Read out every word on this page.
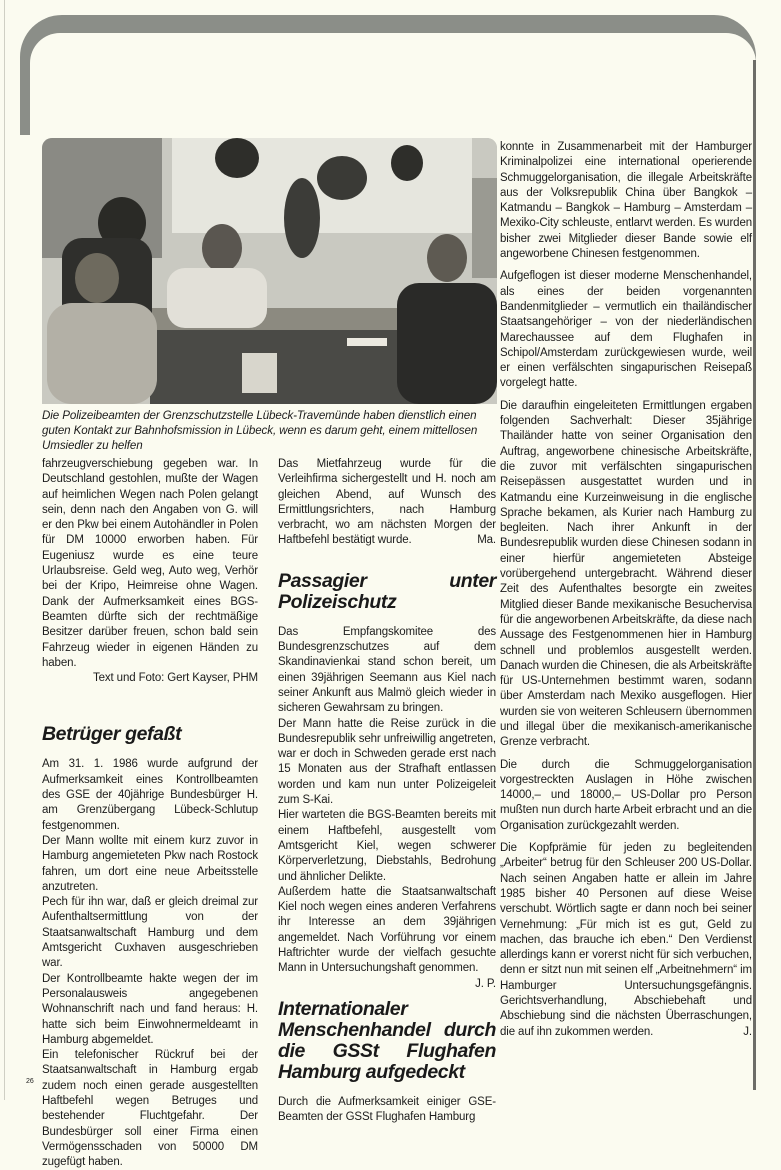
Die Polizeibeamten der Grenzschutzstelle Lübeck-Travemünde haben dienstlich einen guten Kontakt zur Bahnhofsmission in Lübeck, wenn es darum geht, einem mittellosen Umsiedler zu helfen

fahrzeugverschiebung gegeben war. In Deutschland gestohlen, mußte der Wagen auf heimlichen Wegen nach Polen gelangt sein, denn nach den Angaben von G. will er den Pkw bei einem Autohändler in Polen für DM 10000 erworben haben. Für Eugeniusz wurde es eine teure Urlaubsreise. Geld weg, Auto weg, Verhör bei der Kripo, Heimreise ohne Wagen. Dank der Aufmerksamkeit eines BGS-Beamten dürfte sich der rechtmäßige Besitzer darüber freuen, schon bald sein Fahrzeug wieder in eigenen Händen zu haben.

Text und Foto: Gert Kayser, PHM

Betrüger gefaßt

Am 31. 1. 1986 wurde aufgrund der Aufmerksamkeit eines Kontrollbeamten des GSE der 40jährige Bundesbürger H. am Grenzübergang Lübeck-Schlutup festgenommen.

Der Mann wollte mit einem kurz zuvor in Hamburg angemieteten Pkw nach Rostock fahren, um dort eine neue Arbeitsstelle anzutreten.

Pech für ihn war, daß er gleich dreimal zur Aufenthaltsermittlung von der Staatsanwaltschaft Hamburg und dem Amtsgericht Cuxhaven ausgeschrieben war.

Der Kontrollbeamte hakte wegen der im Personalausweis angegebenen Wohnanschrift nach und fand heraus: H. hatte sich beim Einwohnermeldeamt in Hamburg abgemeldet.

Ein telefonischer Rückruf bei der Staatsanwaltschaft in Hamburg ergab zudem noch einen gerade ausgestellten Haftbefehl wegen Betruges und bestehender Fluchtgefahr. Der Bundesbürger soll einer Firma einen Vermögensschaden von 50000 DM zugefügt haben.

Das Mietfahrzeug wurde für die Verleihfirma sichergestellt und H. noch am gleichen Abend, auf Wunsch des Ermittlungsrichters, nach Hamburg verbracht, wo am nächsten Morgen der Haftbefehl bestätigt wurde.	Ma.

Passagier unter Polizeischutz

Das Empfangskomitee des Bundesgrenzschutzes auf dem Skandinavienkai stand schon bereit, um einen 39jährigen Seemann aus Kiel nach seiner Ankunft aus Malmö gleich wieder in sicheren Gewahrsam zu bringen.

Der Mann hatte die Reise zurück in die Bundesrepublik sehr unfreiwillig angetreten, war er doch in Schweden gerade erst nach 15 Monaten aus der Strafhaft entlassen worden und kam nun unter Polizeigeleit zum S-Kai.

Hier warteten die BGS-Beamten bereits mit einem Haftbefehl, ausgestellt vom Amtsgericht Kiel, wegen schwerer Körperverletzung, Diebstahls, Bedrohung und ähnlicher Delikte.

Außerdem hatte die Staatsanwaltschaft Kiel noch wegen eines anderen Verfahrens ihr Interesse an dem 39jährigen angemeldet. Nach Vorführung vor einem Haftrichter wurde der vielfach gesuchte Mann in Untersuchungshaft genommen.
J. P.

Internationaler Menschenhandel durch die GSSt Flughafen Hamburg aufgedeckt

Durch die Aufmerksamkeit einiger GSE-Beamten der GSSt Flughafen Hamburg

konnte in Zusammenarbeit mit der Hamburger Kriminalpolizei eine international operierende Schmuggelorganisation, die illegale Arbeitskräfte aus der Volksrepublik China über Bangkok – Katmandu – Bangkok – Hamburg – Amsterdam – Mexiko-City schleuste, entlarvt werden. Es wurden bisher zwei Mitglieder dieser Bande sowie elf angeworbene Chinesen festgenommen.

Aufgeflogen ist dieser moderne Menschenhandel, als eines der beiden vorgenannten Bandenmitglieder – vermutlich ein thailändischer Staatsangehöriger – von der niederländischen Marechaussee auf dem Flughafen in Schipol/Amsterdam zurückgewiesen wurde, weil er einen verfälschten singapurischen Reisepaß vorgelegt hatte.

Die daraufhin eingeleiteten Ermittlungen ergaben folgenden Sachverhalt: Dieser 35jährige Thailänder hatte von seiner Organisation den Auftrag, angeworbene chinesische Arbeitskräfte, die zuvor mit verfälschten singapurischen Reisepässen ausgestattet wurden und in Katmandu eine Kurzeinweisung in die englische Sprache bekamen, als Kurier nach Hamburg zu begleiten. Nach ihrer Ankunft in der Bundesrepublik wurden diese Chinesen sodann in einer hierfür angemieteten Absteige vorübergehend untergebracht. Während dieser Zeit des Aufenthaltes besorgte ein zweites Mitglied dieser Bande mexikanische Besuchervisa für die angeworbenen Arbeitskräfte, da diese nach Aussage des Festgenommenen hier in Hamburg schnell und problemlos ausgestellt werden. Danach wurden die Chinesen, die als Arbeitskräfte für US-Unternehmen bestimmt waren, sodann über Amsterdam nach Mexiko ausgeflogen. Hier wurden sie von weiteren Schleusern übernommen und illegal über die mexikanisch-amerikanische Grenze verbracht.

Die durch die Schmuggelorganisation vorgestreckten Auslagen in Höhe zwischen 14000,– und 18000,– US-Dollar pro Person mußten nun durch harte Arbeit erbracht und an die Organisation zurückgezahlt werden.

Die Kopfprämie für jeden zu begleitenden „Arbeiter“ betrug für den Schleuser 200 US-Dollar. Nach seinen Angaben hatte er allein im Jahre 1985 bisher 40 Personen auf diese Weise verschubt. Wörtlich sagte er dann noch bei seiner Vernehmung: „Für mich ist es gut, Geld zu machen, das brauche ich eben.“ Den Verdienst allerdings kann er vorerst nicht für sich verbuchen, denn er sitzt nun mit seinen elf „Arbeitnehmern“ im Hamburger Untersuchungsgefängnis. Gerichtsverhandlung, Abschiebehaft und Abschiebung sind die nächsten Überraschungen, die auf ihn zukommen werden.	J.

26
